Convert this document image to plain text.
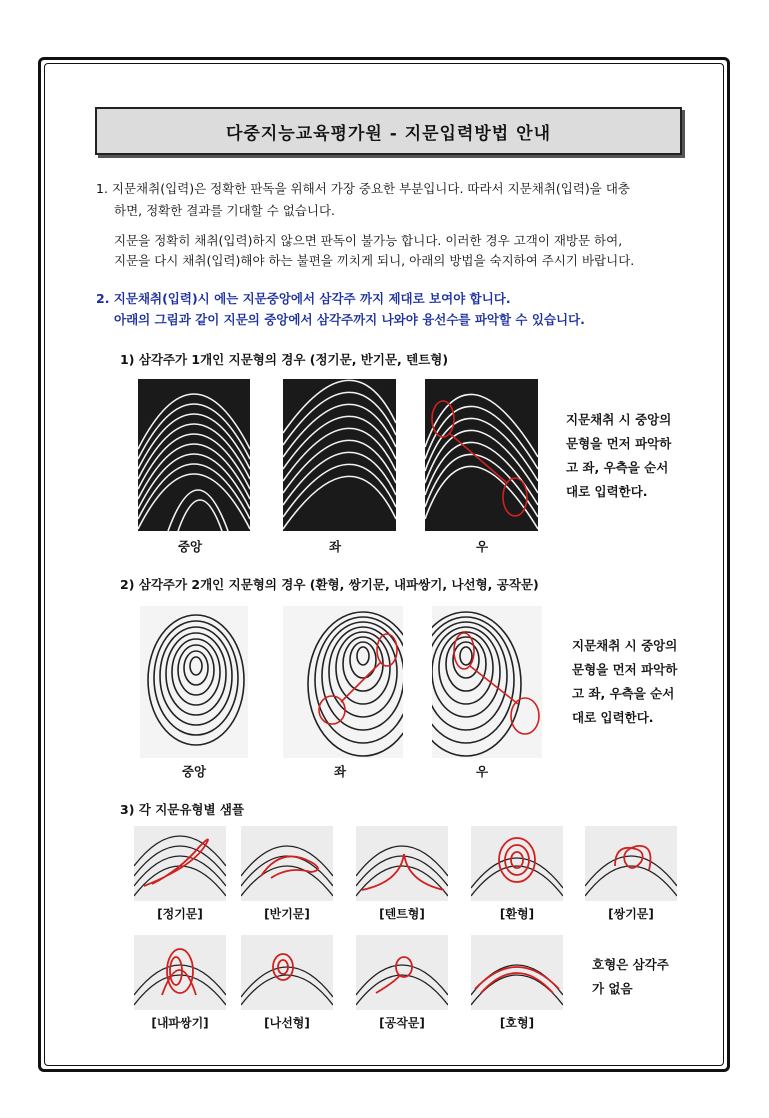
다중지능교육평가원 - 지문입력방법 안내
1. 지문채취(입력)은 정확한 판독을 위해서 가장 중요한 부분입니다. 따라서 지문채취(입력)을 대충
하면, 정확한 결과를 기대할 수 없습니다.
지문을 정확히 채취(입력)하지 않으면 판독이 불가능 합니다. 이러한 경우 고객이 재방문 하여,
지문을 다시 채취(입력)해야 하는 불편을 끼치게 되니, 아래의 방법을 숙지하여 주시기 바랍니다.
2. 지문채취(입력)시 에는 지문중앙에서 삼각주 까지 제대로 보여야 합니다.
아래의 그림과 같이 지문의 중앙에서 삼각주까지 나와야 융선수를 파악할 수 있습니다.
1) 삼각주가 1개인 지문형의 경우 (정기문, 반기문, 텐트형)
중앙	좌	우
지문채취 시 중앙의
문형을 먼저 파악하
고 좌, 우측을 순서
대로 입력한다.
2) 삼각주가 2개인 지문형의 경우 (환형, 쌍기문, 내파쌍기, 나선형, 공작문)
중앙	좌	우
지문채취 시 중앙의
문형을 먼저 파악하
고 좌, 우측을 순서
대로 입력한다.
3) 각 지문유형별 샘플
[정기문]	[반기문]	[텐트형]	[환형]	[쌍기문]
[내파쌍기]	[나선형]	[공작문]	[호형]
호형은 삼각주
가 없음
